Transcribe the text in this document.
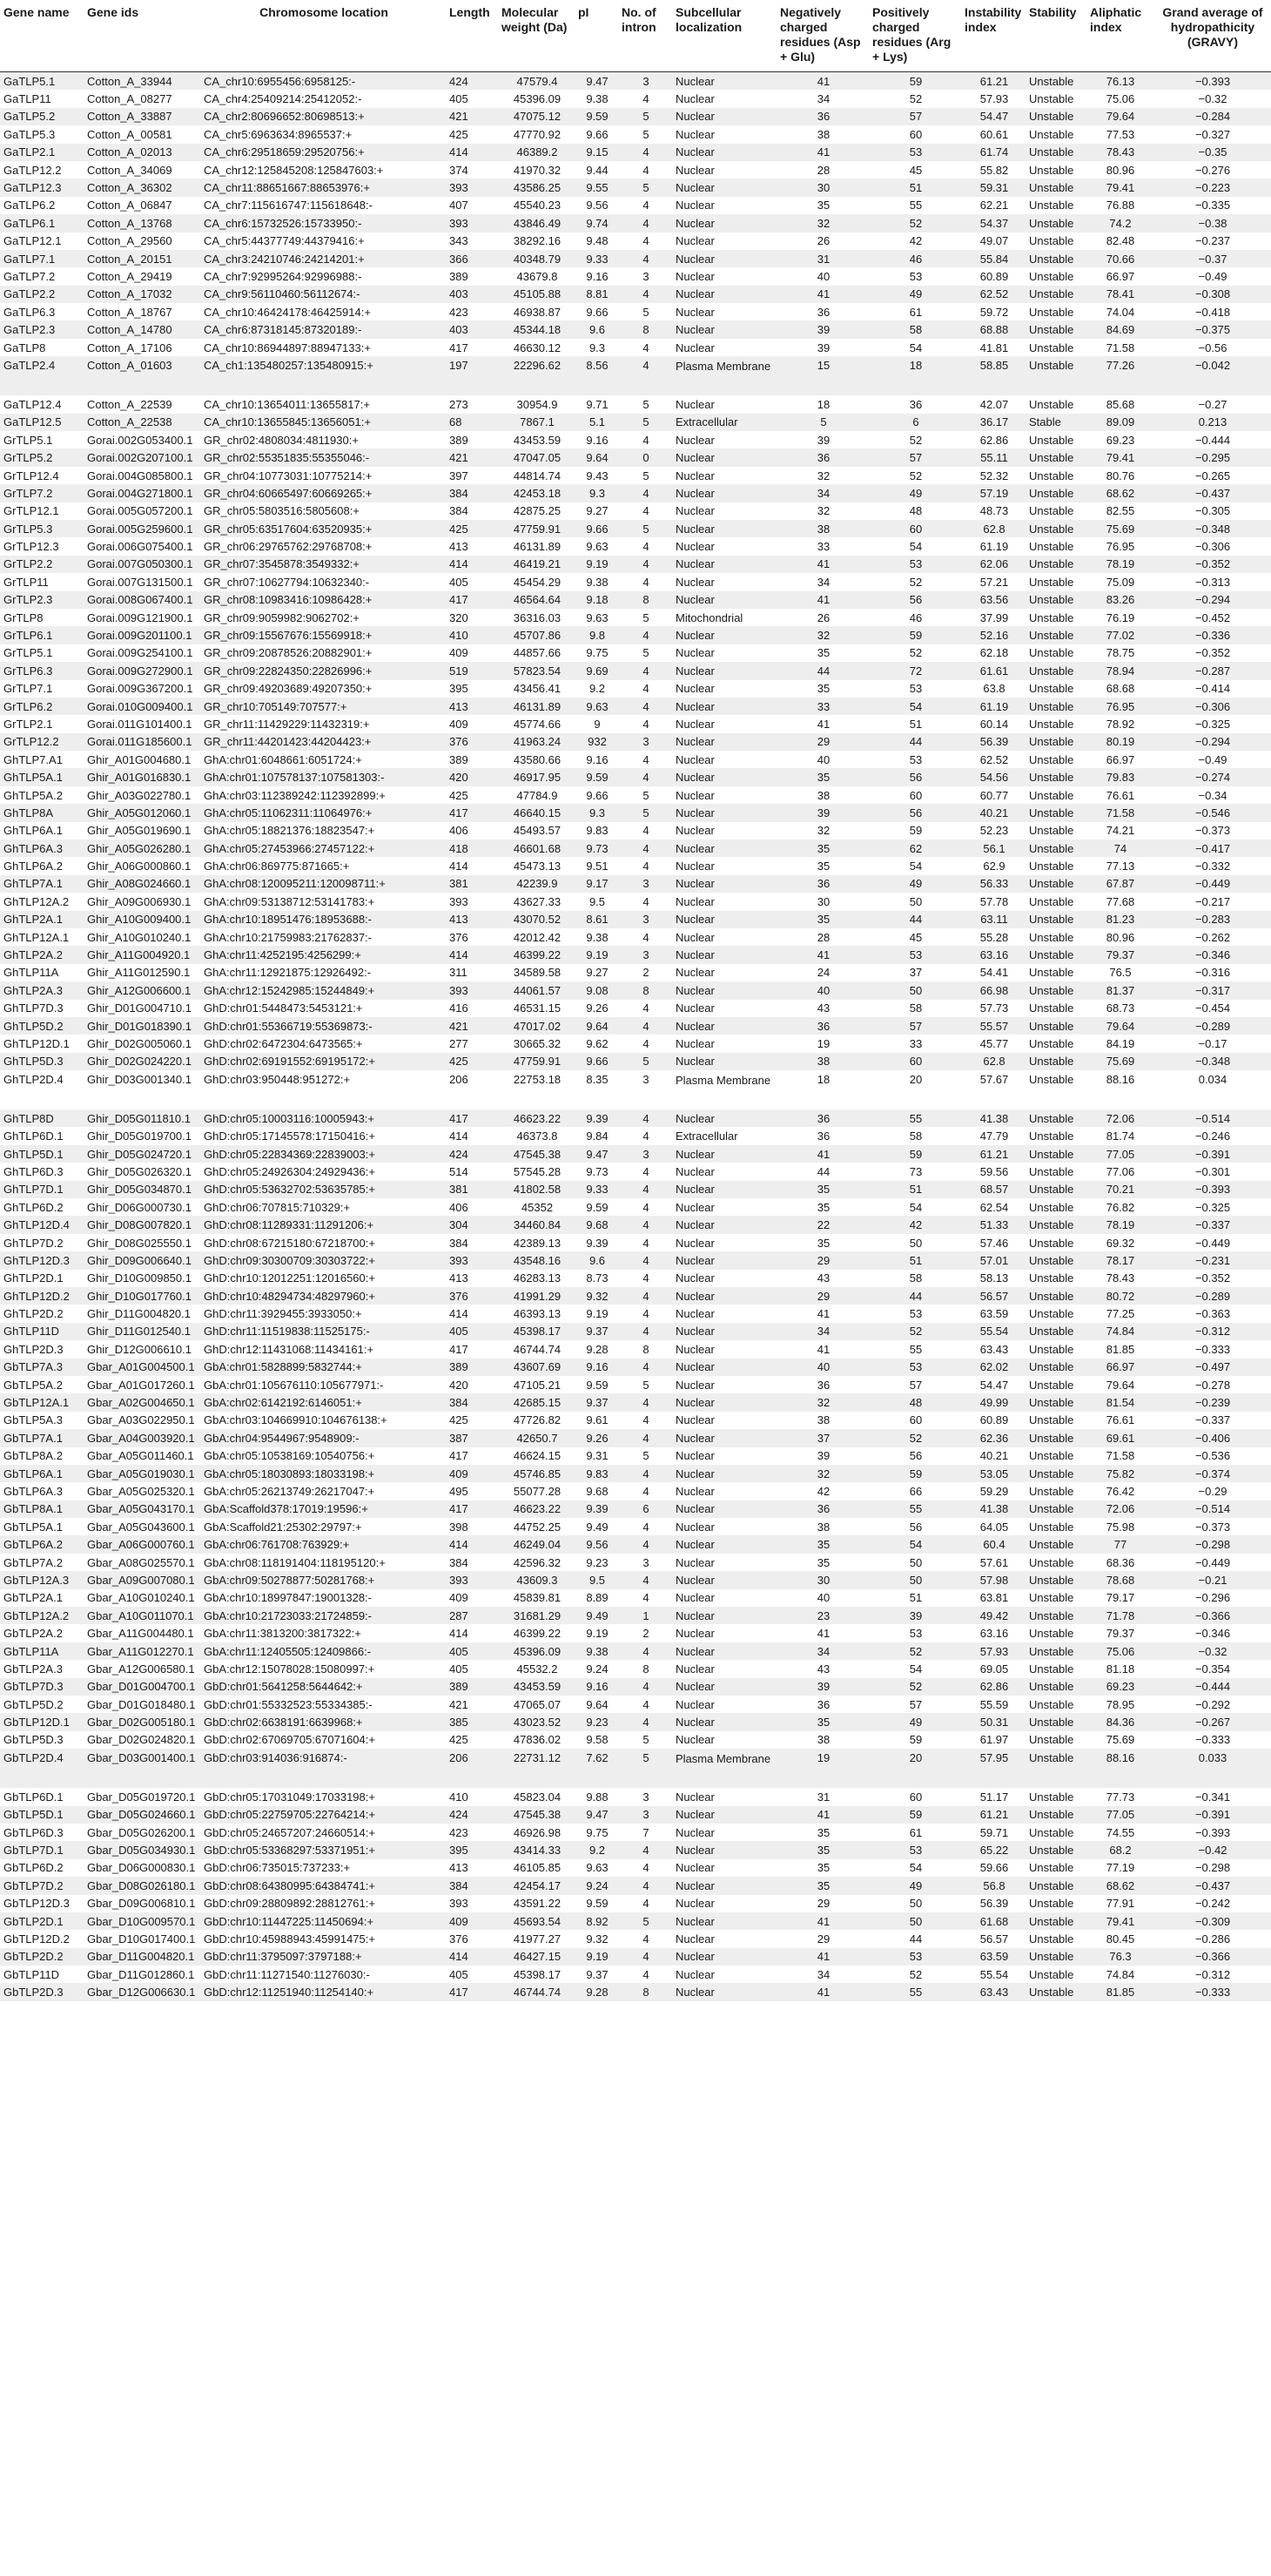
Gene name	Gene ids	Chromosome location	Length	Molecular weight (Da)	pI	No. of intron	Subcellular localization	Negatively charged residues (Asp + Glu)	Positively charged residues (Arg + Lys)	Instability index	Stability	Aliphatic index	Grand average of hydropathicity (GRAVY)
GaTLP5.1	Cotton_A_33944	CA_chr10:6955456:6958125:-	424	47579.4	9.47	3	Nuclear	41	59	61.21	Unstable	76.13	−0.393
GaTLP11	Cotton_A_08277	CA_chr4:25409214:25412052:-	405	45396.09	9.38	4	Nuclear	34	52	57.93	Unstable	75.06	−0.32
GaTLP5.2	Cotton_A_33887	CA_chr2:80696652:80698513:+	421	47075.12	9.59	5	Nuclear	36	57	54.47	Unstable	79.64	−0.284
GaTLP5.3	Cotton_A_00581	CA_chr5:6963634:8965537:+	425	47770.92	9.66	5	Nuclear	38	60	60.61	Unstable	77.53	−0.327
GaTLP2.1	Cotton_A_02013	CA_chr6:29518659:29520756:+	414	46389.2	9.15	4	Nuclear	41	53	61.74	Unstable	78.43	−0.35
GaTLP12.2	Cotton_A_34069	CA_chr12:125845208:125847603:+	374	41970.32	9.44	4	Nuclear	28	45	55.82	Unstable	80.96	−0.276
GaTLP12.3	Cotton_A_36302	CA_chr11:88651667:88653976:+	393	43586.25	9.55	5	Nuclear	30	51	59.31	Unstable	79.41	−0.223
GaTLP6.2	Cotton_A_06847	CA_chr7:115616747:115618648:-	407	45540.23	9.56	4	Nuclear	35	55	62.21	Unstable	76.88	−0.335
GaTLP6.1	Cotton_A_13768	CA_chr6:15732526:15733950:-	393	43846.49	9.74	4	Nuclear	32	52	54.37	Unstable	74.2	−0.38
GaTLP12.1	Cotton_A_29560	CA_chr5:44377749:44379416:+	343	38292.16	9.48	4	Nuclear	26	42	49.07	Unstable	82.48	−0.237
GaTLP7.1	Cotton_A_20151	CA_chr3:24210746:24214201:+	366	40348.79	9.33	4	Nuclear	31	46	55.84	Unstable	70.66	−0.37
GaTLP7.2	Cotton_A_29419	CA_chr7:92995264:92996988:-	389	43679.8	9.16	3	Nuclear	40	53	60.89	Unstable	66.97	−0.49
GaTLP2.2	Cotton_A_17032	CA_chr9:56110460:56112674:-	403	45105.88	8.81	4	Nuclear	41	49	62.52	Unstable	78.41	−0.308
GaTLP6.3	Cotton_A_18767	CA_chr10:46424178:46425914:+	423	46938.87	9.66	5	Nuclear	36	61	59.72	Unstable	74.04	−0.418
GaTLP2.3	Cotton_A_14780	CA_chr6:87318145:87320189:-	403	45344.18	9.6	8	Nuclear	39	58	68.88	Unstable	84.69	−0.375
GaTLP8	Cotton_A_17106	CA_chr10:86944897:88947133:+	417	46630.12	9.3	4	Nuclear	39	54	41.81	Unstable	71.58	−0.56
GaTLP2.4	Cotton_A_01603	CA_ch1:135480257:135480915:+	197	22296.62	8.56	4	Plasma Membrane	15	18	58.85	Unstable	77.26	−0.042
GaTLP12.4	Cotton_A_22539	CA_chr10:13654011:13655817:+	273	30954.9	9.71	5	Nuclear	18	36	42.07	Unstable	85.68	−0.27
GaTLP12.5	Cotton_A_22538	CA_chr10:13655845:13656051:+	68	7867.1	5.1	5	Extracellular	5	6	36.17	Stable	89.09	0.213
GrTLP5.1	Gorai.002G053400.1	GR_chr02:4808034:4811930:+	389	43453.59	9.16	4	Nuclear	39	52	62.86	Unstable	69.23	−0.444
GrTLP5.2	Gorai.002G207100.1	GR_chr02:55351835:55355046:-	421	47047.05	9.64	0	Nuclear	36	57	55.11	Unstable	79.41	−0.295
GrTLP12.4	Gorai.004G085800.1	GR_chr04:10773031:10775214:+	397	44814.74	9.43	5	Nuclear	32	52	52.32	Unstable	80.76	−0.265
GrTLP7.2	Gorai.004G271800.1	GR_chr04:60665497:60669265:+	384	42453.18	9.3	4	Nuclear	34	49	57.19	Unstable	68.62	−0.437
GrTLP12.1	Gorai.005G057200.1	GR_chr05:5803516:5805608:+	384	42875.25	9.27	4	Nuclear	32	48	48.73	Unstable	82.55	−0.305
GrTLP5.3	Gorai.005G259600.1	GR_chr05:63517604:63520935:+	425	47759.91	9.66	5	Nuclear	38	60	62.8	Unstable	75.69	−0.348
GrTLP12.3	Gorai.006G075400.1	GR_chr06:29765762:29768708:+	413	46131.89	9.63	4	Nuclear	33	54	61.19	Unstable	76.95	−0.306
GrTLP2.2	Gorai.007G050300.1	GR_chr07:3545878:3549332:+	414	46419.21	9.19	4	Nuclear	41	53	62.06	Unstable	78.19	−0.352
GrTLP11	Gorai.007G131500.1	GR_chr07:10627794:10632340:-	405	45454.29	9.38	4	Nuclear	34	52	57.21	Unstable	75.09	−0.313
GrTLP2.3	Gorai.008G067400.1	GR_chr08:10983416:10986428:+	417	46564.64	9.18	8	Nuclear	41	56	63.56	Unstable	83.26	−0.294
GrTLP8	Gorai.009G121900.1	GR_chr09:9059982:9062702:+	320	36316.03	9.63	5	Mitochondrial	26	46	37.99	Unstable	76.19	−0.452
GrTLP6.1	Gorai.009G201100.1	GR_chr09:15567676:15569918:+	410	45707.86	9.8	4	Nuclear	32	59	52.16	Unstable	77.02	−0.336
GrTLP5.1	Gorai.009G254100.1	GR_chr09:20878526:20882901:+	409	44857.66	9.75	5	Nuclear	35	52	62.18	Unstable	78.75	−0.352
GrTLP6.3	Gorai.009G272900.1	GR_chr09:22824350:22826996:+	519	57823.54	9.69	4	Nuclear	44	72	61.61	Unstable	78.94	−0.287
GrTLP7.1	Gorai.009G367200.1	GR_chr09:49203689:49207350:+	395	43456.41	9.2	4	Nuclear	35	53	63.8	Unstable	68.68	−0.414
GrTLP6.2	Gorai.010G009400.1	GR_chr10:705149:707577:+	413	46131.89	9.63	4	Nuclear	33	54	61.19	Unstable	76.95	−0.306
GrTLP2.1	Gorai.011G101400.1	GR_chr11:11429229:11432319:+	409	45774.66	9	4	Nuclear	41	51	60.14	Unstable	78.92	−0.325
GrTLP12.2	Gorai.011G185600.1	GR_chr11:44201423:44204423:+	376	41963.24	932	3	Nuclear	29	44	56.39	Unstable	80.19	−0.294
GhTLP7.A1	Ghir_A01G004680.1	GhA:chr01:6048661:6051724:+	389	43580.66	9.16	4	Nuclear	40	53	62.52	Unstable	66.97	−0.49
GhTLP5A.1	Ghir_A01G016830.1	GhA:chr01:107578137:107581303:-	420	46917.95	9.59	4	Nuclear	35	56	54.56	Unstable	79.83	−0.274
GhTLP5A.2	Ghir_A03G022780.1	GhA:chr03:112389242:112392899:+	425	47784.9	9.66	5	Nuclear	38	60	60.77	Unstable	76.61	−0.34
GhTLP8A	Ghir_A05G012060.1	GhA:chr05:11062311:11064976:+	417	46640.15	9.3	5	Nuclear	39	56	40.21	Unstable	71.58	−0.546
GhTLP6A.1	Ghir_A05G019690.1	GhA:chr05:18821376:18823547:+	406	45493.57	9.83	4	Nuclear	32	59	52.23	Unstable	74.21	−0.373
GhTLP6A.3	Ghir_A05G026280.1	GhA:chr05:27453966:27457122:+	418	46601.68	9.73	4	Nuclear	35	62	56.1	Unstable	74	−0.417
GhTLP6A.2	Ghir_A06G000860.1	GhA:chr06:869775:871665:+	414	45473.13	9.51	4	Nuclear	35	54	62.9	Unstable	77.13	−0.332
GhTLP7A.1	Ghir_A08G024660.1	GhA:chr08:120095211:120098711:+	381	42239.9	9.17	3	Nuclear	36	49	56.33	Unstable	67.87	−0.449
GhTLP12A.2	Ghir_A09G006930.1	GhA:chr09:53138712:53141783:+	393	43627.33	9.5	4	Nuclear	30	50	57.78	Unstable	77.68	−0.217
GhTLP2A.1	Ghir_A10G009400.1	GhA:chr10:18951476:18953688:-	413	43070.52	8.61	3	Nuclear	35	44	63.11	Unstable	81.23	−0.283
GhTLP12A.1	Ghir_A10G010240.1	GhA:chr10:21759983:21762837:-	376	42012.42	9.38	4	Nuclear	28	45	55.28	Unstable	80.96	−0.262
GhTLP2A.2	Ghir_A11G004920.1	GhA:chr11:4252195:4256299:+	414	46399.22	9.19	3	Nuclear	41	53	63.16	Unstable	79.37	−0.346
GhTLP11A	Ghir_A11G012590.1	GhA:chr11:12921875:12926492:-	311	34589.58	9.27	2	Nuclear	24	37	54.41	Unstable	76.5	−0.316
GhTLP2A.3	Ghir_A12G006600.1	GhA:chr12:15242985:15244849:+	393	44061.57	9.08	8	Nuclear	40	50	66.98	Unstable	81.37	−0.317
GhTLP7D.3	Ghir_D01G004710.1	GhD:chr01:5448473:5453121:+	416	46531.15	9.26	4	Nuclear	43	58	57.73	Unstable	68.73	−0.454
GhTLP5D.2	Ghir_D01G018390.1	GhD:chr01:55366719:55369873:-	421	47017.02	9.64	4	Nuclear	36	57	55.57	Unstable	79.64	−0.289
GhTLP12D.1	Ghir_D02G005060.1	GhD:chr02:6472304:6473565:+	277	30665.32	9.62	4	Nuclear	19	33	45.77	Unstable	84.19	−0.17
GhTLP5D.3	Ghir_D02G024220.1	GhD:chr02:69191552:69195172:+	425	47759.91	9.66	5	Nuclear	38	60	62.8	Unstable	75.69	−0.348
GhTLP2D.4	Ghir_D03G001340.1	GhD:chr03:950448:951272:+	206	22753.18	8.35	3	Plasma Membrane	18	20	57.67	Unstable	88.16	0.034
GhTLP8D	Ghir_D05G011810.1	GhD:chr05:10003116:10005943:+	417	46623.22	9.39	4	Nuclear	36	55	41.38	Unstable	72.06	−0.514
GhTLP6D.1	Ghir_D05G019700.1	GhD:chr05:17145578:17150416:+	414	46373.8	9.84	4	Extracellular	36	58	47.79	Unstable	81.74	−0.246
GhTLP5D.1	Ghir_D05G024720.1	GhD:chr05:22834369:22839003:+	424	47545.38	9.47	3	Nuclear	41	59	61.21	Unstable	77.05	−0.391
GhTLP6D.3	Ghir_D05G026320.1	GhD:chr05:24926304:24929436:+	514	57545.28	9.73	4	Nuclear	44	73	59.56	Unstable	77.06	−0.301
GhTLP7D.1	Ghir_D05G034870.1	GhD:chr05:53632702:53635785:+	381	41802.58	9.33	4	Nuclear	35	51	68.57	Unstable	70.21	−0.393
GhTLP6D.2	Ghir_D06G000730.1	GhD:chr06:707815:710329:+	406	45352	9.59	4	Nuclear	35	54	62.54	Unstable	76.82	−0.325
GhTLP12D.4	Ghir_D08G007820.1	GhD:chr08:11289331:11291206:+	304	34460.84	9.68	4	Nuclear	22	42	51.33	Unstable	78.19	−0.337
GhTLP7D.2	Ghir_D08G025550.1	GhD:chr08:67215180:67218700:+	384	42389.13	9.39	4	Nuclear	35	50	57.46	Unstable	69.32	−0.449
GhTLP12D.3	Ghir_D09G006640.1	GhD:chr09:30300709:30303722:+	393	43548.16	9.6	4	Nuclear	29	51	57.01	Unstable	78.17	−0.231
GhTLP2D.1	Ghir_D10G009850.1	GhD:chr10:12012251:12016560:+	413	46283.13	8.73	4	Nuclear	43	58	58.13	Unstable	78.43	−0.352
GhTLP12D.2	Ghir_D10G017760.1	GhD:chr10:48294734:48297960:+	376	41991.29	9.32	4	Nuclear	29	44	56.57	Unstable	80.72	−0.289
GhTLP2D.2	Ghir_D11G004820.1	GhD:chr11:3929455:3933050:+	414	46393.13	9.19	4	Nuclear	41	53	63.59	Unstable	77.25	−0.363
GhTLP11D	Ghir_D11G012540.1	GhD:chr11:11519838:11525175:-	405	45398.17	9.37	4	Nuclear	34	52	55.54	Unstable	74.84	−0.312
GhTLP2D.3	Ghir_D12G006610.1	GhD:chr12:11431068:11434161:+	417	46744.74	9.28	8	Nuclear	41	55	63.43	Unstable	81.85	−0.333
GbTLP7A.3	Gbar_A01G004500.1	GbA:chr01:5828899:5832744:+	389	43607.69	9.16	4	Nuclear	40	53	62.02	Unstable	66.97	−0.497
GbTLP5A.2	Gbar_A01G017260.1	GbA:chr01:105676110:105677971:-	420	47105.21	9.59	5	Nuclear	36	57	54.47	Unstable	79.64	−0.278
GbTLP12A.1	Gbar_A02G004650.1	GbA:chr02:6142192:6146051:+	384	42685.15	9.37	4	Nuclear	32	48	49.99	Unstable	81.54	−0.239
GbTLP5A.3	Gbar_A03G022950.1	GbA:chr03:104669910:104676138:+	425	47726.82	9.61	4	Nuclear	38	60	60.89	Unstable	76.61	−0.337
GbTLP7A.1	Gbar_A04G003920.1	GbA:chr04:9544967:9548909:-	387	42650.7	9.26	4	Nuclear	37	52	62.36	Unstable	69.61	−0.406
GbTLP8A.2	Gbar_A05G011460.1	GbA:chr05:10538169:10540756:+	417	46624.15	9.31	5	Nuclear	39	56	40.21	Unstable	71.58	−0.536
GbTLP6A.1	Gbar_A05G019030.1	GbA:chr05:18030893:18033198:+	409	45746.85	9.83	4	Nuclear	32	59	53.05	Unstable	75.82	−0.374
GbTLP6A.3	Gbar_A05G025320.1	GbA:chr05:26213749:26217047:+	495	55077.28	9.68	4	Nuclear	42	66	59.29	Unstable	76.42	−0.29
GbTLP8A.1	Gbar_A05G043170.1	GbA:Scaffold378:17019:19596:+	417	46623.22	9.39	6	Nuclear	36	55	41.38	Unstable	72.06	−0.514
GbTLP5A.1	Gbar_A05G043600.1	GbA:Scaffold21:25302:29797:+	398	44752.25	9.49	4	Nuclear	38	56	64.05	Unstable	75.98	−0.373
GbTLP6A.2	Gbar_A06G000760.1	GbA:chr06:761708:763929:+	414	46249.04	9.56	4	Nuclear	35	54	60.4	Unstable	77	−0.298
GbTLP7A.2	Gbar_A08G025570.1	GbA:chr08:118191404:118195120:+	384	42596.32	9.23	3	Nuclear	35	50	57.61	Unstable	68.36	−0.449
GbTLP12A.3	Gbar_A09G007080.1	GbA:chr09:50278877:50281768:+	393	43609.3	9.5	4	Nuclear	30	50	57.98	Unstable	78.68	−0.21
GbTLP2A.1	Gbar_A10G010240.1	GbA:chr10:18997847:19001328:-	409	45839.81	8.89	4	Nuclear	40	51	63.81	Unstable	79.17	−0.296
GbTLP12A.2	Gbar_A10G011070.1	GbA:chr10:21723033:21724859:-	287	31681.29	9.49	1	Nuclear	23	39	49.42	Unstable	71.78	−0.366
GbTLP2A.2	Gbar_A11G004480.1	GbA:chr11:3813200:3817322:+	414	46399.22	9.19	2	Nuclear	41	53	63.16	Unstable	79.37	−0.346
GbTLP11A	Gbar_A11G012270.1	GbA:chr11:12405505:12409866:-	405	45396.09	9.38	4	Nuclear	34	52	57.93	Unstable	75.06	−0.32
GbTLP2A.3	Gbar_A12G006580.1	GbA:chr12:15078028:15080997:+	405	45532.2	9.24	8	Nuclear	43	54	69.05	Unstable	81.18	−0.354
GbTLP7D.3	Gbar_D01G004700.1	GbD:chr01:5641258:5644642:+	389	43453.59	9.16	4	Nuclear	39	52	62.86	Unstable	69.23	−0.444
GbTLP5D.2	Gbar_D01G018480.1	GbD:chr01:55332523:55334385:-	421	47065.07	9.64	4	Nuclear	36	57	55.59	Unstable	78.95	−0.292
GbTLP12D.1	Gbar_D02G005180.1	GbD:chr02:6638191:6639968:+	385	43023.52	9.23	4	Nuclear	35	49	50.31	Unstable	84.36	−0.267
GbTLP5D.3	Gbar_D02G024820.1	GbD:chr02:67069705:67071604:+	425	47836.02	9.58	5	Nuclear	38	59	61.97	Unstable	75.69	−0.333
GbTLP2D.4	Gbar_D03G001400.1	GbD:chr03:914036:916874:-	206	22731.12	7.62	5	Plasma Membrane	19	20	57.95	Unstable	88.16	0.033
GbTLP6D.1	Gbar_D05G019720.1	GbD:chr05:17031049:17033198:+	410	45823.04	9.88	3	Nuclear	31	60	51.17	Unstable	77.73	−0.341
GbTLP5D.1	Gbar_D05G024660.1	GbD:chr05:22759705:22764214:+	424	47545.38	9.47	3	Nuclear	41	59	61.21	Unstable	77.05	−0.391
GbTLP6D.3	Gbar_D05G026200.1	GbD:chr05:24657207:24660514:+	423	46926.98	9.75	7	Nuclear	35	61	59.71	Unstable	74.55	−0.393
GbTLP7D.1	Gbar_D05G034930.1	GbD:chr05:53368297:53371951:+	395	43414.33	9.2	4	Nuclear	35	53	65.22	Unstable	68.2	−0.42
GbTLP6D.2	Gbar_D06G000830.1	GbD:chr06:735015:737233:+	413	46105.85	9.63	4	Nuclear	35	54	59.66	Unstable	77.19	−0.298
GbTLP7D.2	Gbar_D08G026180.1	GbD:chr08:64380995:64384741:+	384	42454.17	9.24	4	Nuclear	35	49	56.8	Unstable	68.62	−0.437
GbTLP12D.3	Gbar_D09G006810.1	GbD:chr09:28809892:28812761:+	393	43591.22	9.59	4	Nuclear	29	50	56.39	Unstable	77.91	−0.242
GbTLP2D.1	Gbar_D10G009570.1	GbD:chr10:11447225:11450694:+	409	45693.54	8.92	5	Nuclear	41	50	61.68	Unstable	79.41	−0.309
GbTLP12D.2	Gbar_D10G017400.1	GbD:chr10:45988943:45991475:+	376	41977.27	9.32	4	Nuclear	29	44	56.57	Unstable	80.45	−0.286
GbTLP2D.2	Gbar_D11G004820.1	GbD:chr11:3795097:3797188:+	414	46427.15	9.19	4	Nuclear	41	53	63.59	Unstable	76.3	−0.366
GbTLP11D	Gbar_D11G012860.1	GbD:chr11:11271540:11276030:-	405	45398.17	9.37	4	Nuclear	34	52	55.54	Unstable	74.84	−0.312
GbTLP2D.3	Gbar_D12G006630.1	GbD:chr12:11251940:11254140:+	417	46744.74	9.28	8	Nuclear	41	55	63.43	Unstable	81.85	−0.333
